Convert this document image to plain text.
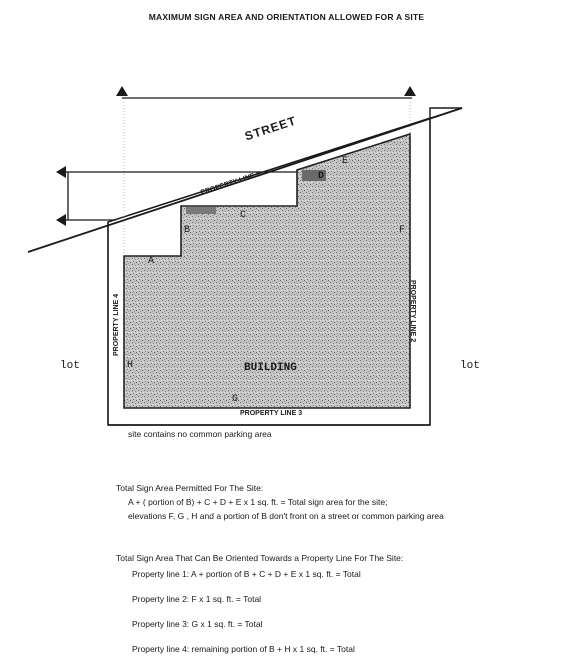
MAXIMUM SIGN AREA AND ORIENTATION ALLOWED FOR A SITE
STREET
PROPERTY LINE 1
PROPERTY LINE 2
PROPERTY LINE 3
PROPERTY LINE 4
BUILDING
lot	lot
A
B
C
D
E
F
G
H
site contains no common parking area
Total Sign Area Permitted For The Site:
A + ( portion of B) + C + D + E x 1 sq. ft. = Total sign area for the site;
elevations F, G , H and a portion of B don't front on a street or common parking area
Total Sign Area That Can Be Oriented Towards a Property Line For The Site:
Property line 1: A + portion of B + C + D + E x 1 sq. ft. = Total
Property line 2: F x 1 sq. ft. = Total
Property line 3: G x 1 sq. ft. = Total
Property line 4: remaining portion of B + H x 1 sq. ft. = Total
